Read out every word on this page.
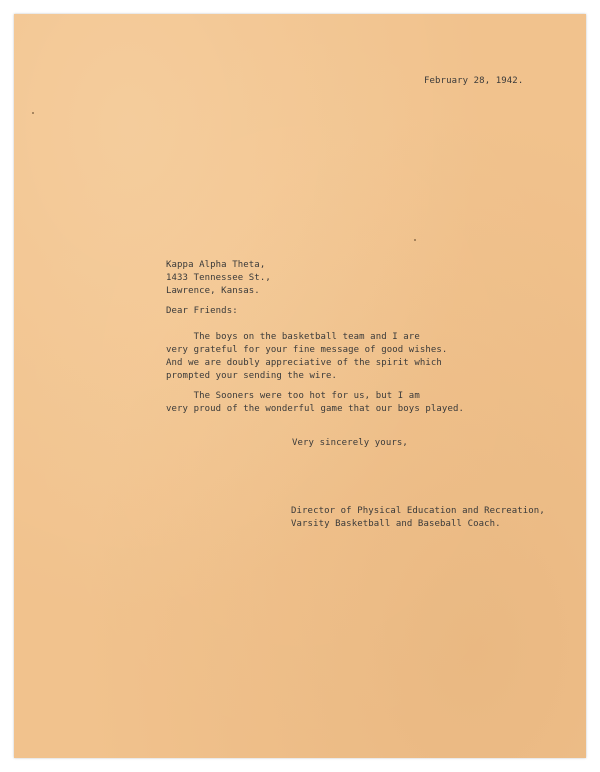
February 28, 1942.

Kappa Alpha Theta,
1433 Tennessee St.,
Lawrence, Kansas.

Dear Friends:

The boys on the basketball team and I are
very grateful for your fine message of good wishes.
And we are doubly appreciative of the spirit which
prompted your sending the wire.
The Sooners were too hot for us, but I am
very proud of the wonderful game that our boys played.

Very sincerely yours,

Director of Physical Education and Recreation,
Varsity Basketball and Baseball Coach.
